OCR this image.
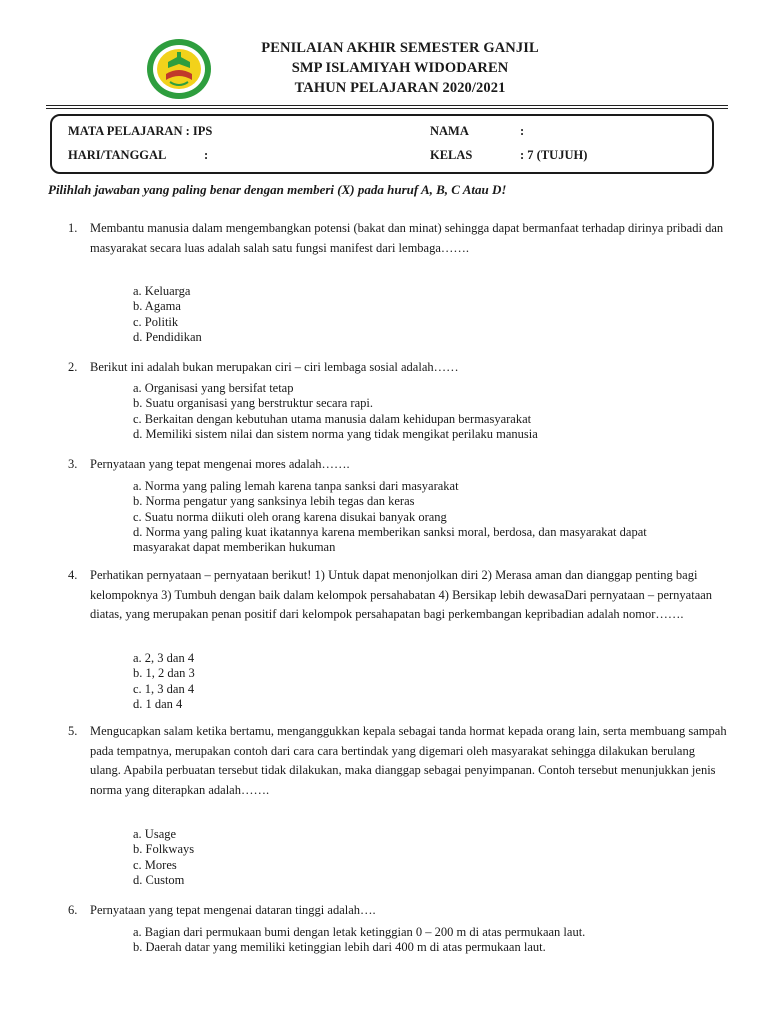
PENILAIAN AKHIR SEMESTER GANJIL
SMP ISLAMIYAH WIDODAREN
TAHUN PELAJARAN 2020/2021
MATA PELAJARAN : IPS
HARI/TANGGAL	:
NAMA	:
KELAS	: 7 (TUJUH)
Pilihlah jawaban yang paling benar dengan memberi (X) pada huruf A, B, C Atau D!
1.	Membantu manusia dalam mengembangkan potensi (bakat dan minat) sehingga dapat bermanfaat terhadap dirinya pribadi dan masyarakat secara luas adalah salah satu fungsi manifest dari lembaga…….
a. Keluarga
b. Agama
c. Politik
d. Pendidikan
2.	Berikut ini adalah bukan merupakan ciri – ciri lembaga sosial adalah……
a. Organisasi yang bersifat tetap
b. Suatu organisasi yang berstruktur secara rapi.
c. Berkaitan dengan kebutuhan utama manusia dalam kehidupan bermasyarakat
d. Memiliki sistem nilai dan sistem norma yang tidak mengikat perilaku manusia
3.	Pernyataan yang tepat mengenai mores adalah…….
a. Norma yang paling lemah karena tanpa sanksi dari masyarakat
b. Norma pengatur yang sanksinya lebih tegas dan keras
c. Suatu norma diikuti oleh orang karena disukai banyak orang
d. Norma yang paling kuat ikatannya karena memberikan sanksi moral, berdosa, dan masyarakat dapat masyarakat dapat memberikan hukuman
4.	Perhatikan pernyataan – pernyataan berikut! 1) Untuk dapat menonjolkan diri 2) Merasa aman dan dianggap penting bagi kelompoknya 3) Tumbuh dengan baik dalam kelompok persahabatan 4) Bersikap lebih dewasaDari pernyataan – pernyataan diatas, yang merupakan penan positif dari kelompok persahapatan bagi perkembangan kepribadian adalah nomor…….
a. 2, 3 dan 4
b. 1, 2 dan 3
c. 1, 3 dan 4
d. 1 dan 4
5.	Mengucapkan salam ketika bertamu, menganggukkan kepala sebagai tanda hormat kepada orang lain, serta membuang sampah pada tempatnya, merupakan contoh dari cara cara bertindak yang digemari oleh masyarakat sehingga dilakukan berulang ulang. Apabila perbuatan tersebut tidak dilakukan, maka dianggap sebagai penyimpanan. Contoh tersebut menunjukkan jenis norma yang diterapkan adalah…….
a. Usage
b. Folkways
c. Mores
d. Custom
6.	Pernyataan yang tepat mengenai dataran tinggi adalah….
a. Bagian dari permukaan bumi dengan letak ketinggian 0 – 200 m di atas permukaan laut.
b. Daerah datar yang memiliki ketinggian lebih dari 400 m di atas permukaan laut.
